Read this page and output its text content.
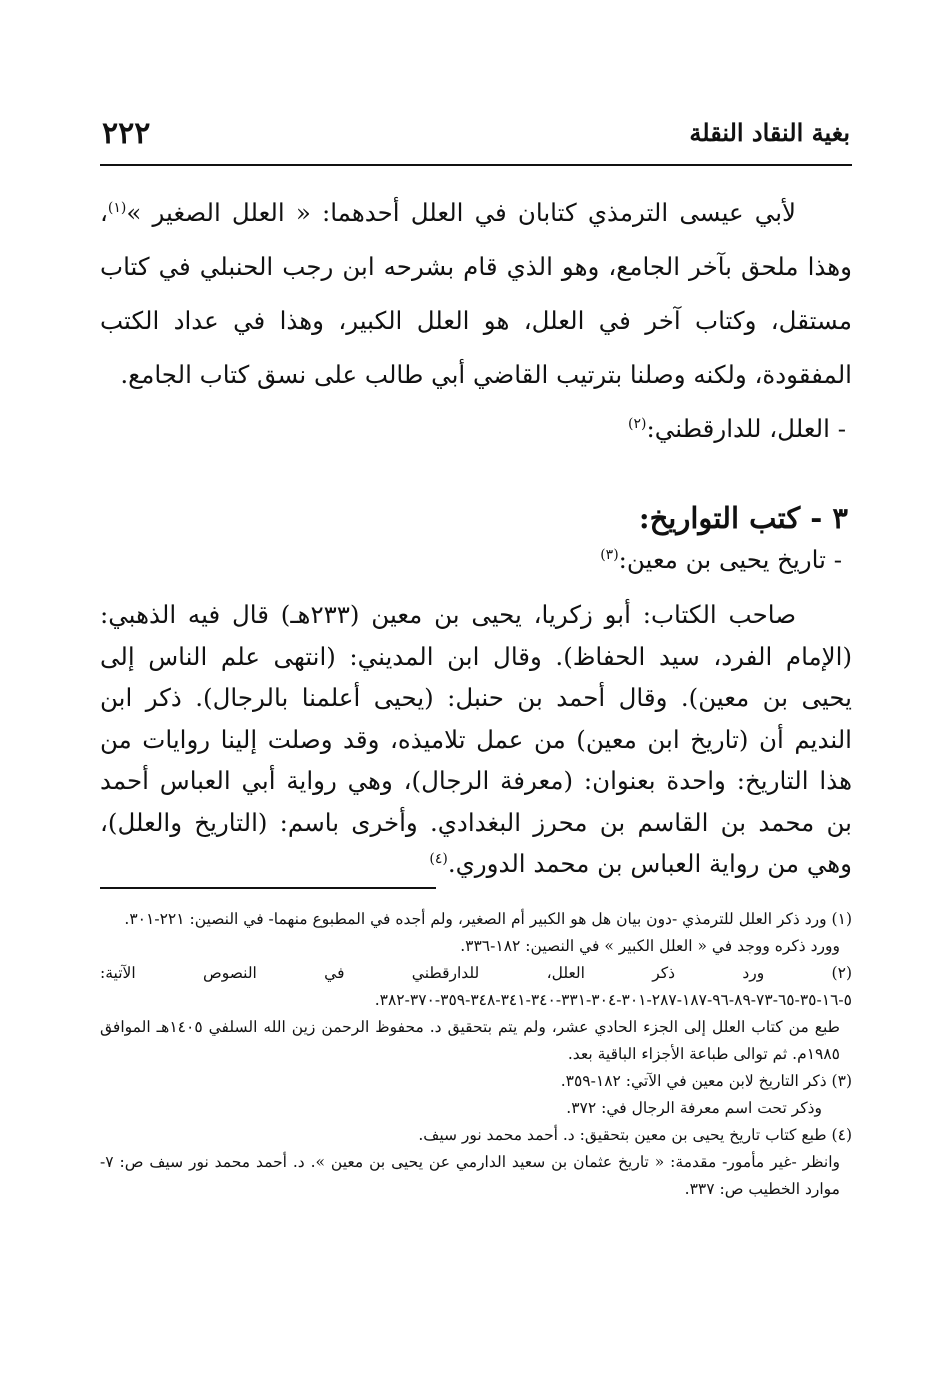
٢٢٢	بغية النقاد النقلة

لأبي عيسى الترمذي كتابان في العلل أحدهما: « العلل الصغير »$^{(١)}$، وهذا ملحق بآخر الجامع، وهو الذي قام بشرحه ابن رجب الحنبلي في كتاب مستقل، وكتاب آخر في العلل، هو العلل الكبير، وهذا في عداد الكتب المفقودة، ولكنه وصلنا بترتيب القاضي أبي طالب على نسق كتاب الجامع.

- العلل، للدارقطني:$^{(٢)}$

٣ - كتب التواريخ:
- تاريخ يحيى بن معين:$^{(٣)}$

صاحب الكتاب: أبو زكريا، يحيى بن معين (٢٣٣هـ) قال فيه الذهبي: (الإمام الفرد، سيد الحفاظ). وقال ابن المديني: (انتهى علم الناس إلى يحيى بن معين). وقال أحمد بن حنبل: (يحيى أعلمنا بالرجال). ذكر ابن النديم أن (تاريخ ابن معين) من عمل تلاميذه، وقد وصلت إلينا روايات من هذا التاريخ: واحدة بعنوان: (معرفة الرجال)، وهي رواية أبي العباس أحمد بن محمد بن القاسم بن محرز البغدادي. وأخرى باسم: (التاريخ والعلل)، وهي من رواية العباس بن محمد الدوري.$^{(٤)}$

(١) ورد ذكر العلل للترمذي -دون بيان هل هو الكبير أم الصغير، ولم أجده في المطبوع منهما- في النصين: ٢٢١-٣٠١.

وورد ذكره ووجد في « العلل الكبير » في النصين: ١٨٢-٣٣٦.

(٢) ورد ذكر العلل، للدارقطني في النصوص الآتية: ٥-١٦-٣٥-٦٥-٧٣-٨٩-٩٦-١٨٧-٢٨٧-٣٠١-٣٠٤-٣٣١-٣٤٠-٣٤١-٣٤٨-٣٥٩-٣٧٠-٣٨٢.

طبع من كتاب العلل إلى الجزء الحادي عشر، ولم يتم بتحقيق د. محفوظ الرحمن زين الله السلفي ١٤٠٥هـ الموافق ١٩٨٥م. ثم توالى طباعة الأجزاء الباقية بعد.

(٣) ذكر التاريخ لابن معين في الآتي: ١٨٢-٣٥٩.

وذكر تحت اسم معرفة الرجال في: ٣٧٢.

(٤) طبع كتاب تاريخ يحيى بن معين بتحقيق: د. أحمد محمد نور سيف.

وانظر -غير مأمور- مقدمة: « تاريخ عثمان بن سعيد الدارمي عن يحيى بن معين ». د. أحمد محمد نور سيف ص: ٧- موارد الخطيب ص: ٣٣٧.
